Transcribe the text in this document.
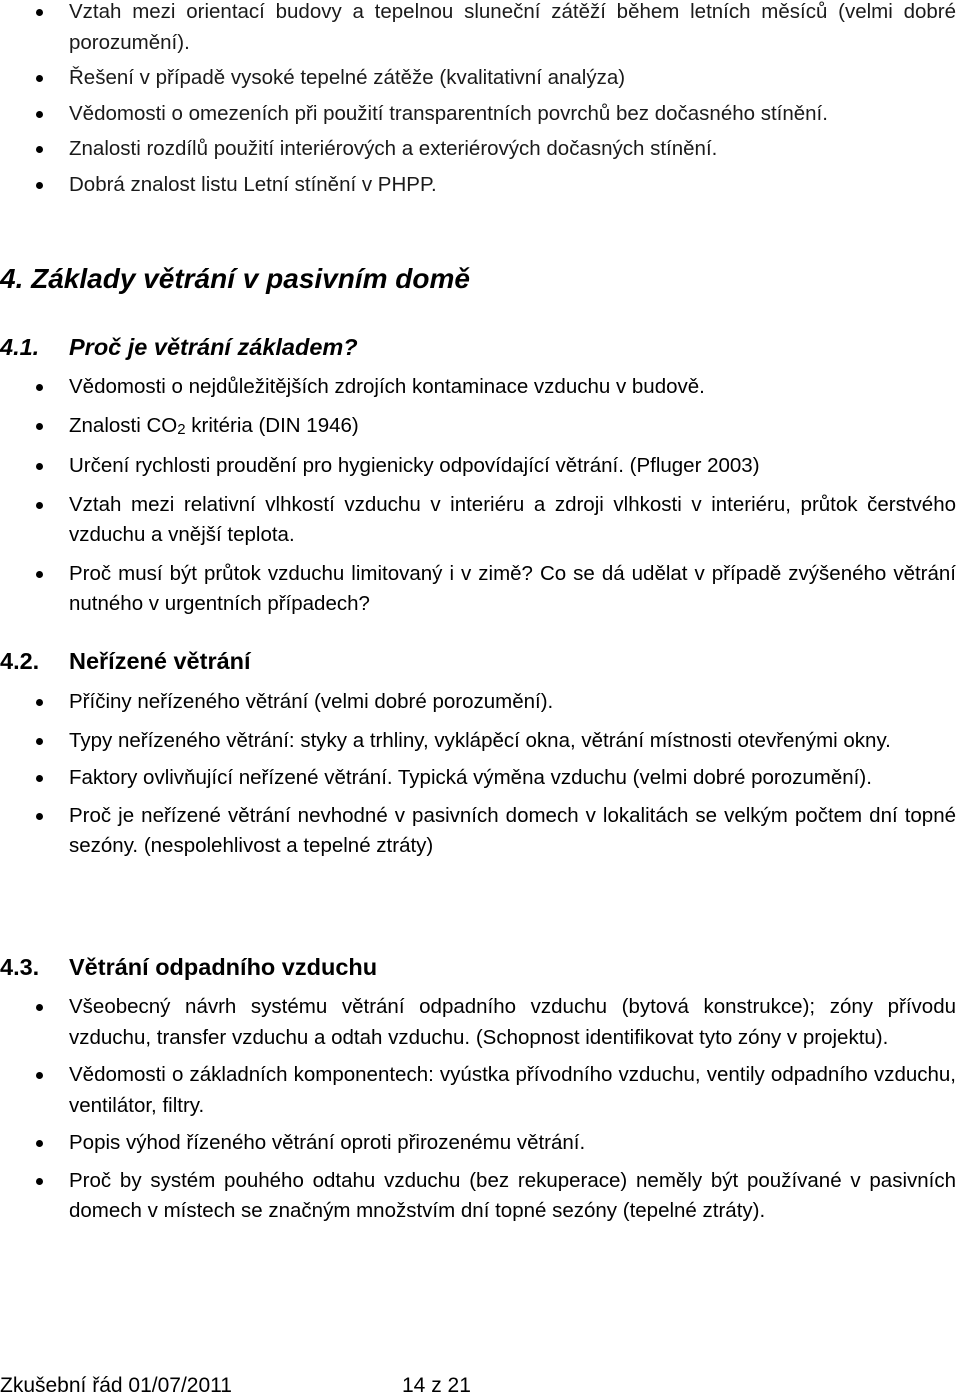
Vztah mezi orientací budovy a tepelnou sluneční zátěží během letních měsíců (velmi dobré porozumění).
Řešení v případě vysoké tepelné zátěže (kvalitativní analýza)
Vědomosti o omezeních při použití transparentních povrchů bez dočasného stínění.
Znalosti rozdílů použití interiérových a exteriérových dočasných stínění.
Dobrá znalost listu Letní stínění v PHPP.
4. Základy větrání v pasivním domě
4.1. Proč je větrání základem?
Vědomosti o nejdůležitějších zdrojích kontaminace vzduchu v budově.
Znalosti $CO_2$ kritéria (DIN 1946)
Určení rychlosti proudění pro hygienicky odpovídající větrání. (Pfluger 2003)
Vztah mezi relativní vlhkostí vzduchu v interiéru a zdroji vlhkosti v interiéru, průtok čerstvého vzduchu a vnější teplota.
Proč musí být průtok vzduchu limitovaný i v zimě? Co se dá udělat v případě zvýšeného větrání nutného v urgentních případech?
4.2. Neřízené větrání
Příčiny neřízeného větrání (velmi dobré porozumění).
Typy neřízeného větrání: styky a trhliny, vyklápěcí okna, větrání místnosti otevřenými okny.
Faktory ovlivňující neřízené větrání. Typická výměna vzduchu (velmi dobré porozumění).
Proč je neřízené větrání nevhodné v pasivních domech v lokalitách se velkým počtem dní topné sezóny. (nespolehlivost a tepelné ztráty)
4.3. Větrání odpadního vzduchu
Všeobecný návrh systému větrání odpadního vzduchu (bytová konstrukce); zóny přívodu vzduchu, transfer vzduchu a odtah vzduchu. (Schopnost identifikovat tyto zóny v projektu).
Vědomosti o základních komponentech: vyústka přívodního vzduchu, ventily odpadního vzduchu, ventilátor, filtry.
Popis výhod řízeného větrání oproti přirozenému větrání.
Proč by systém pouhého odtahu vzduchu (bez rekuperace) neměly být používané v pasivních domech v místech se značným množstvím dní topné sezóny (tepelné ztráty).
Zkušební řád 01/07/2011	14 z 21
